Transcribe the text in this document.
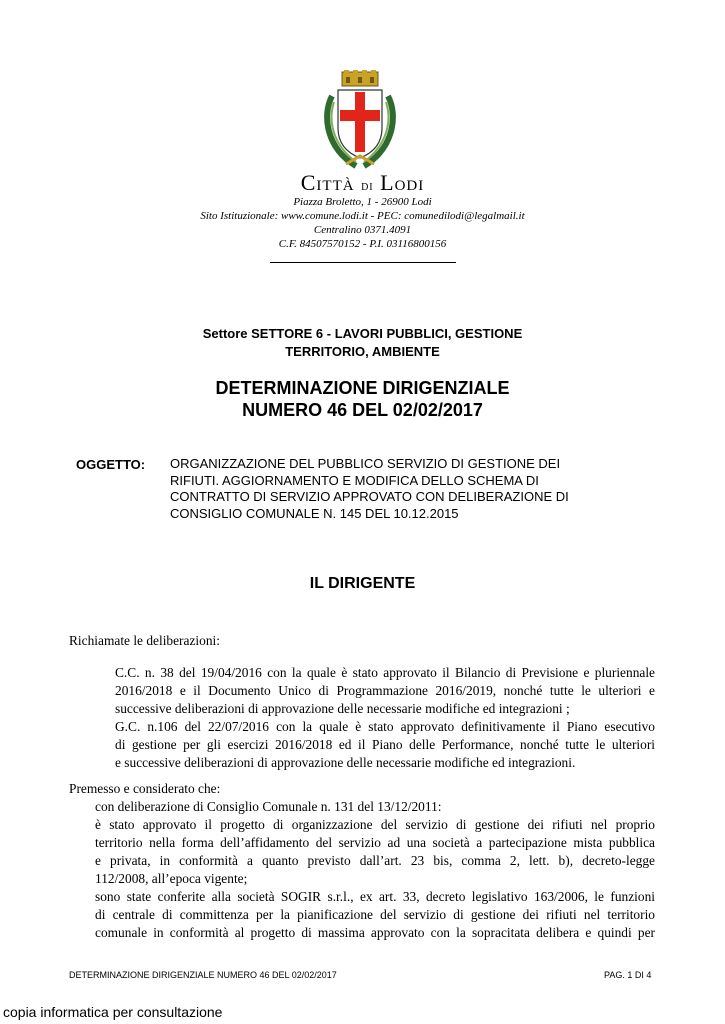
Città di Lodi
Piazza Broletto, 1 - 26900 Lodi
Sito Istituzionale: www.comune.lodi.it - PEC: comunedilodi@legalmail.it
Centralino 0371.4091
C.F. 84507570152 - P.I. 03116800156
Settore SETTORE 6 - LAVORI PUBBLICI, GESTIONE
TERRITORIO, AMBIENTE
DETERMINAZIONE DIRIGENZIALE
NUMERO 46 DEL 02/02/2017
OGGETTO: ORGANIZZAZIONE DEL PUBBLICO SERVIZIO DI GESTIONE DEI
RIFIUTI. AGGIORNAMENTO E MODIFICA DELLO SCHEMA DI
CONTRATTO DI SERVIZIO APPROVATO CON DELIBERAZIONE DI
CONSIGLIO COMUNALE N. 145 DEL 10.12.2015
IL DIRIGENTE
Richiamate le deliberazioni:
C.C. n. 38 del 19/04/2016 con la quale è stato approvato il Bilancio di Previsione e pluriennale
2016/2018 e il Documento Unico di Programmazione 2016/2019, nonché tutte le ulteriori e
successive deliberazioni di approvazione delle necessarie modifiche ed integrazioni ;
G.C. n.106 del 22/07/2016 con la quale è stato approvato definitivamente il Piano esecutivo
di gestione per gli esercizi 2016/2018 ed il Piano delle Performance, nonché tutte le ulteriori
e successive deliberazioni di approvazione delle necessarie modifiche ed integrazioni.
Premesso e considerato che:
con deliberazione di Consiglio Comunale n. 131 del 13/12/2011:
è stato approvato il progetto di organizzazione del servizio di gestione dei rifiuti nel proprio
territorio nella forma dell’affidamento del servizio ad una società a partecipazione mista pubblica
e privata, in conformità a quanto previsto dall’art. 23 bis, comma 2, lett. b), decreto-legge
112/2008, all’epoca vigente;
sono state conferite alla società SOGIR s.r.l., ex art. 33, decreto legislativo 163/2006, le funzioni
di centrale di committenza per la pianificazione del servizio di gestione dei rifiuti nel territorio
comunale in conformità al progetto di massima approvato con la sopracitata delibera e quindi per
DETERMINAZIONE DIRIGENZIALE NUMERO 46 DEL 02/02/2017	PAG. 1 DI 4
copia informatica per consultazione
